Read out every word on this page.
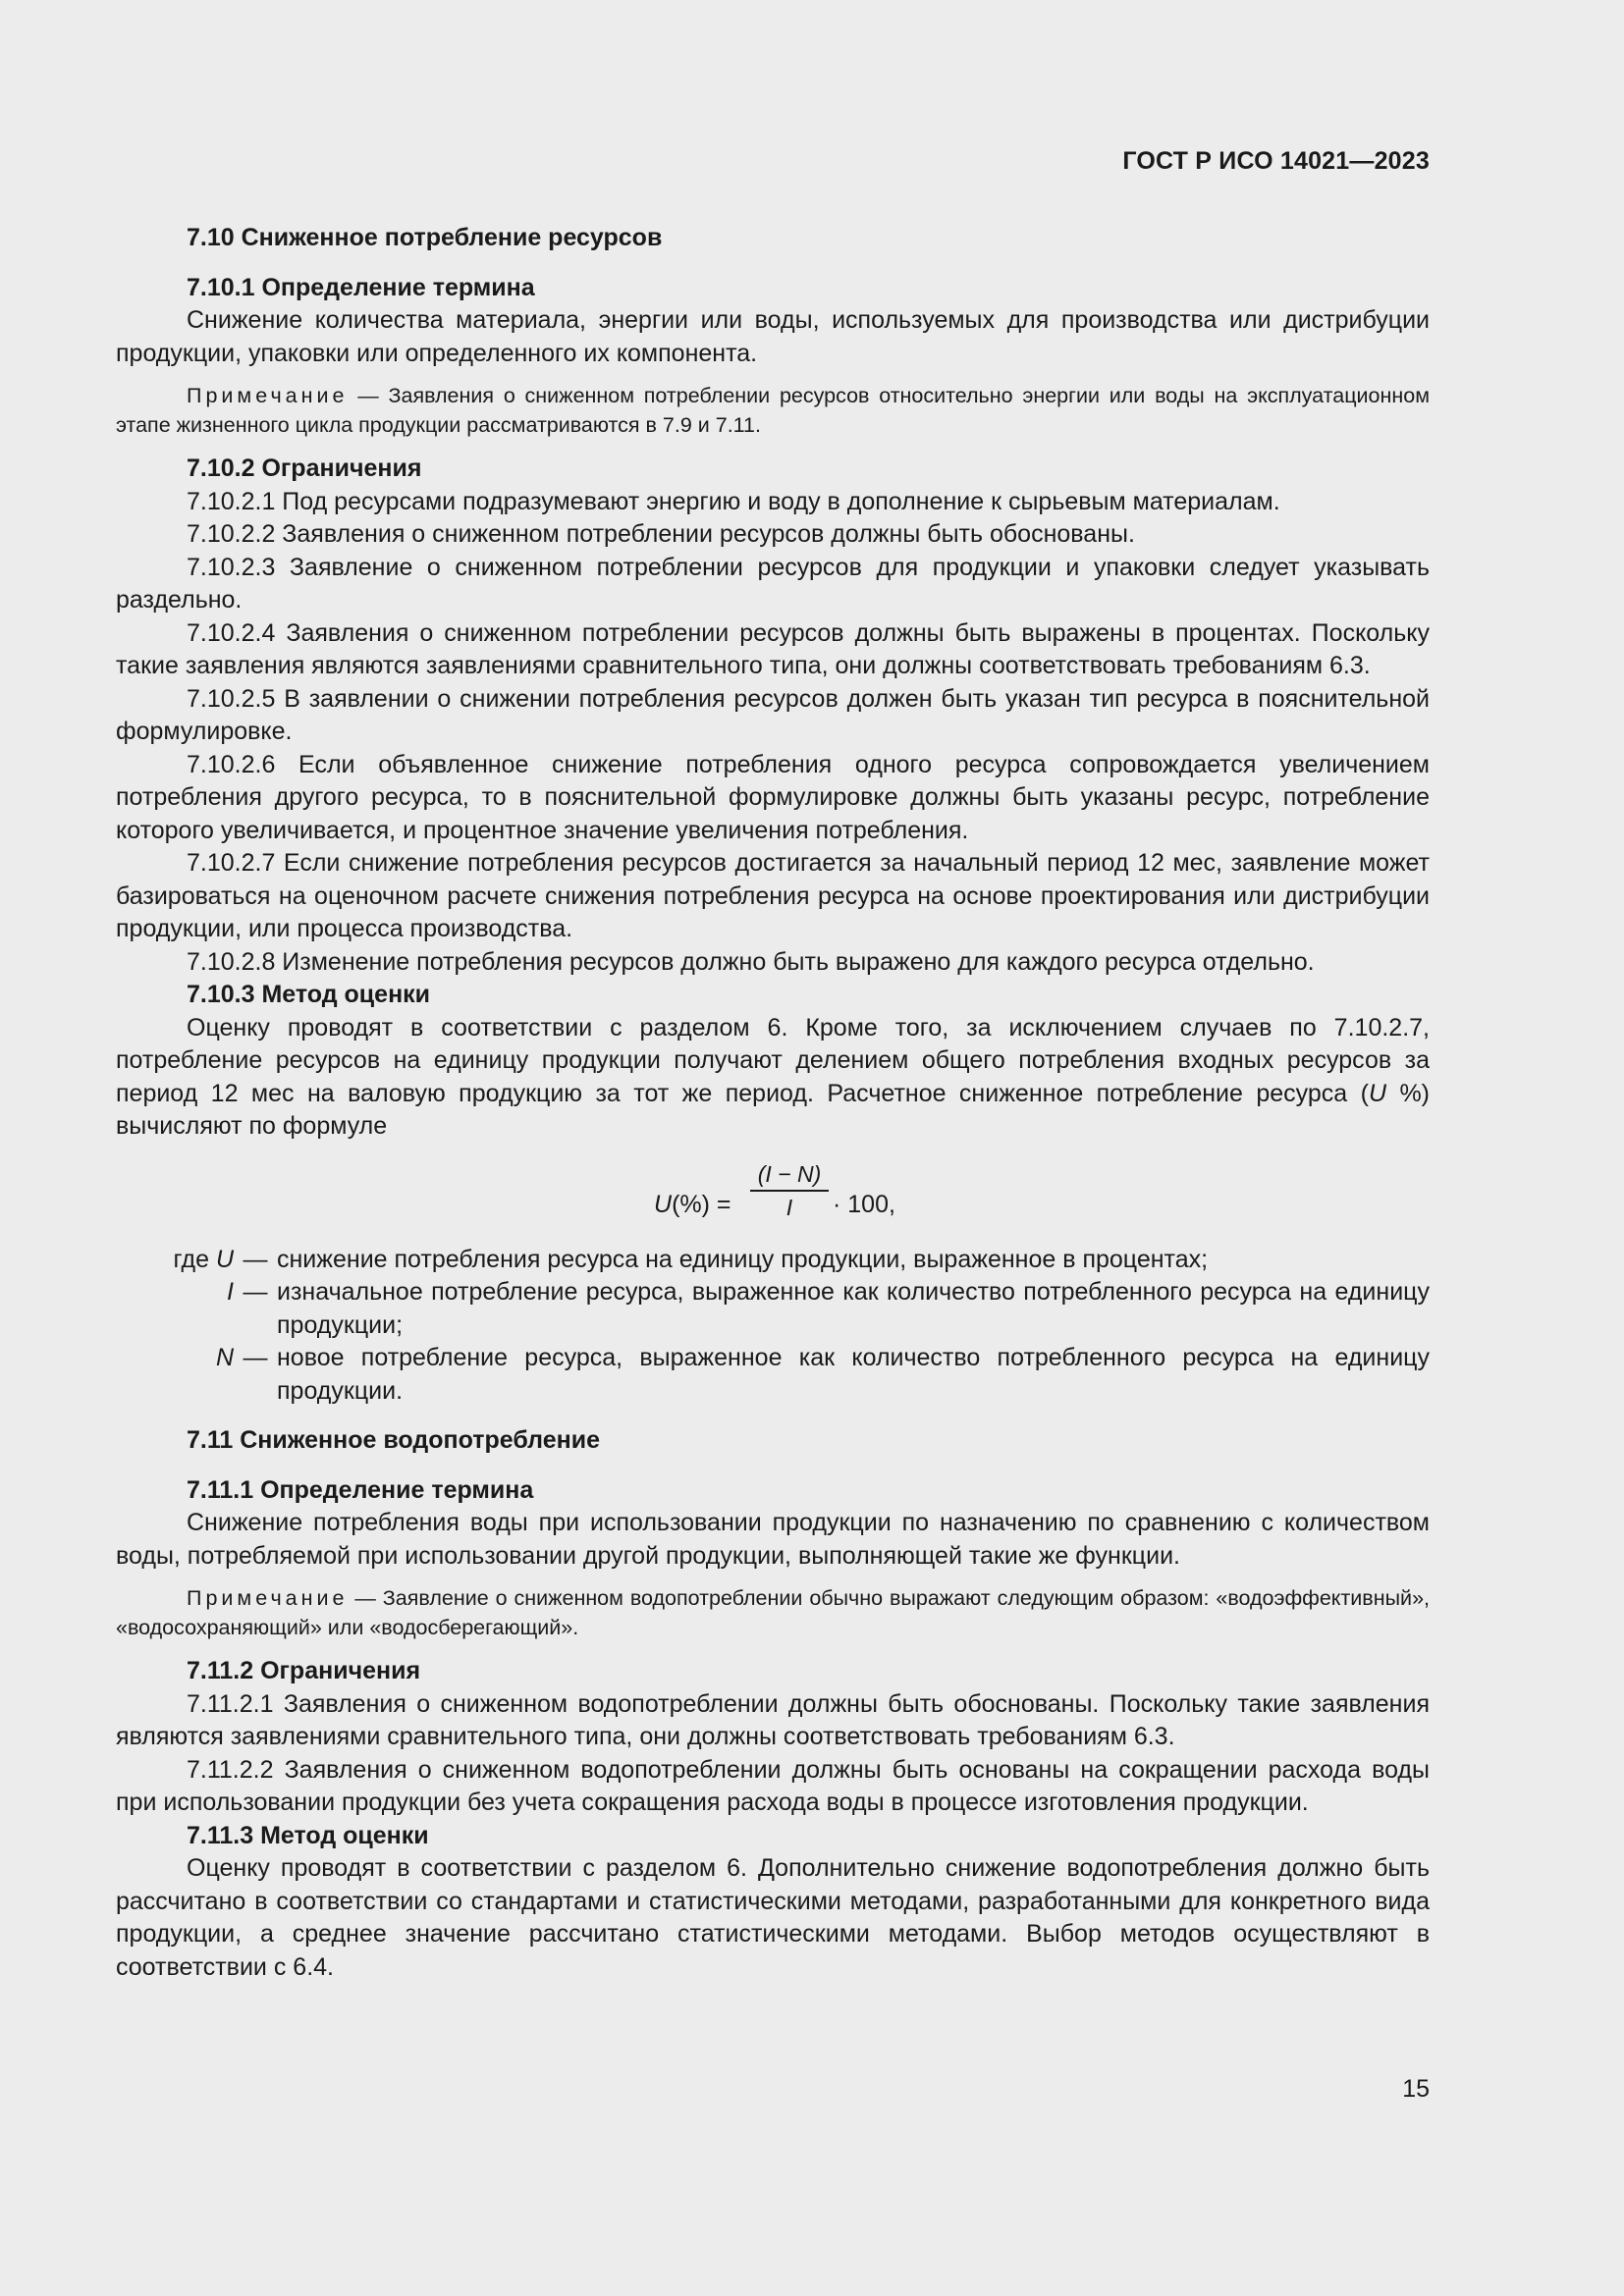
ГОСТ Р ИСО 14021—2023
7.10 Сниженное потребление ресурсов
7.10.1 Определение термина
Снижение количества материала, энергии или воды, используемых для производства или дистрибуции продукции, упаковки или определенного их компонента.
Примечание — Заявления о сниженном потреблении ресурсов относительно энергии или воды на эксплуатационном этапе жизненного цикла продукции рассматриваются в 7.9 и 7.11.
7.10.2 Ограничения
7.10.2.1 Под ресурсами подразумевают энергию и воду в дополнение к сырьевым материалам.
7.10.2.2 Заявления о сниженном потреблении ресурсов должны быть обоснованы.
7.10.2.3 Заявление о сниженном потреблении ресурсов для продукции и упаковки следует указывать раздельно.
7.10.2.4 Заявления о сниженном потреблении ресурсов должны быть выражены в процентах. Поскольку такие заявления являются заявлениями сравнительного типа, они должны соответствовать требованиям 6.3.
7.10.2.5 В заявлении о снижении потребления ресурсов должен быть указан тип ресурса в пояснительной формулировке.
7.10.2.6 Если объявленное снижение потребления одного ресурса сопровождается увеличением потребления другого ресурса, то в пояснительной формулировке должны быть указаны ресурс, потребление которого увеличивается, и процентное значение увеличения потребления.
7.10.2.7 Если снижение потребления ресурсов достигается за начальный период 12 мес, заявление может базироваться на оценочном расчете снижения потребления ресурса на основе проектирования или дистрибуции продукции, или процесса производства.
7.10.2.8 Изменение потребления ресурсов должно быть выражено для каждого ресурса отдельно.
7.10.3 Метод оценки
Оценку проводят в соответствии с разделом 6. Кроме того, за исключением случаев по 7.10.2.7, потребление ресурсов на единицу продукции получают делением общего потребления входных ресурсов за период 12 мес на валовую продукцию за тот же период. Расчетное сниженное потребление ресурса (U %) вычисляют по формуле
U(%) =
(I − N)
I	· 100,
где U — снижение потребления ресурса на единицу продукции, выраженное в процентах;
I — изначальное потребление ресурса, выраженное как количество потребленного ресурса на единицу продукции;
N — новое потребление ресурса, выраженное как количество потребленного ресурса на единицу продукции.
7.11 Сниженное водопотребление
7.11.1 Определение термина
Снижение потребления воды при использовании продукции по назначению по сравнению с количеством воды, потребляемой при использовании другой продукции, выполняющей такие же функции.
Примечание — Заявление о сниженном водопотреблении обычно выражают следующим образом: «водоэффективный», «водосохраняющий» или «водосберегающий».
7.11.2 Ограничения
7.11.2.1 Заявления о сниженном водопотреблении должны быть обоснованы. Поскольку такие заявления являются заявлениями сравнительного типа, они должны соответствовать требованиям 6.3.
7.11.2.2 Заявления о сниженном водопотреблении должны быть основаны на сокращении расхода воды при использовании продукции без учета сокращения расхода воды в процессе изготовления продукции.
7.11.3 Метод оценки
Оценку проводят в соответствии с разделом 6. Дополнительно снижение водопотребления должно быть рассчитано в соответствии со стандартами и статистическими методами, разработанными для конкретного вида продукции, а среднее значение рассчитано статистическими методами. Выбор методов осуществляют в соответствии с 6.4.
15
